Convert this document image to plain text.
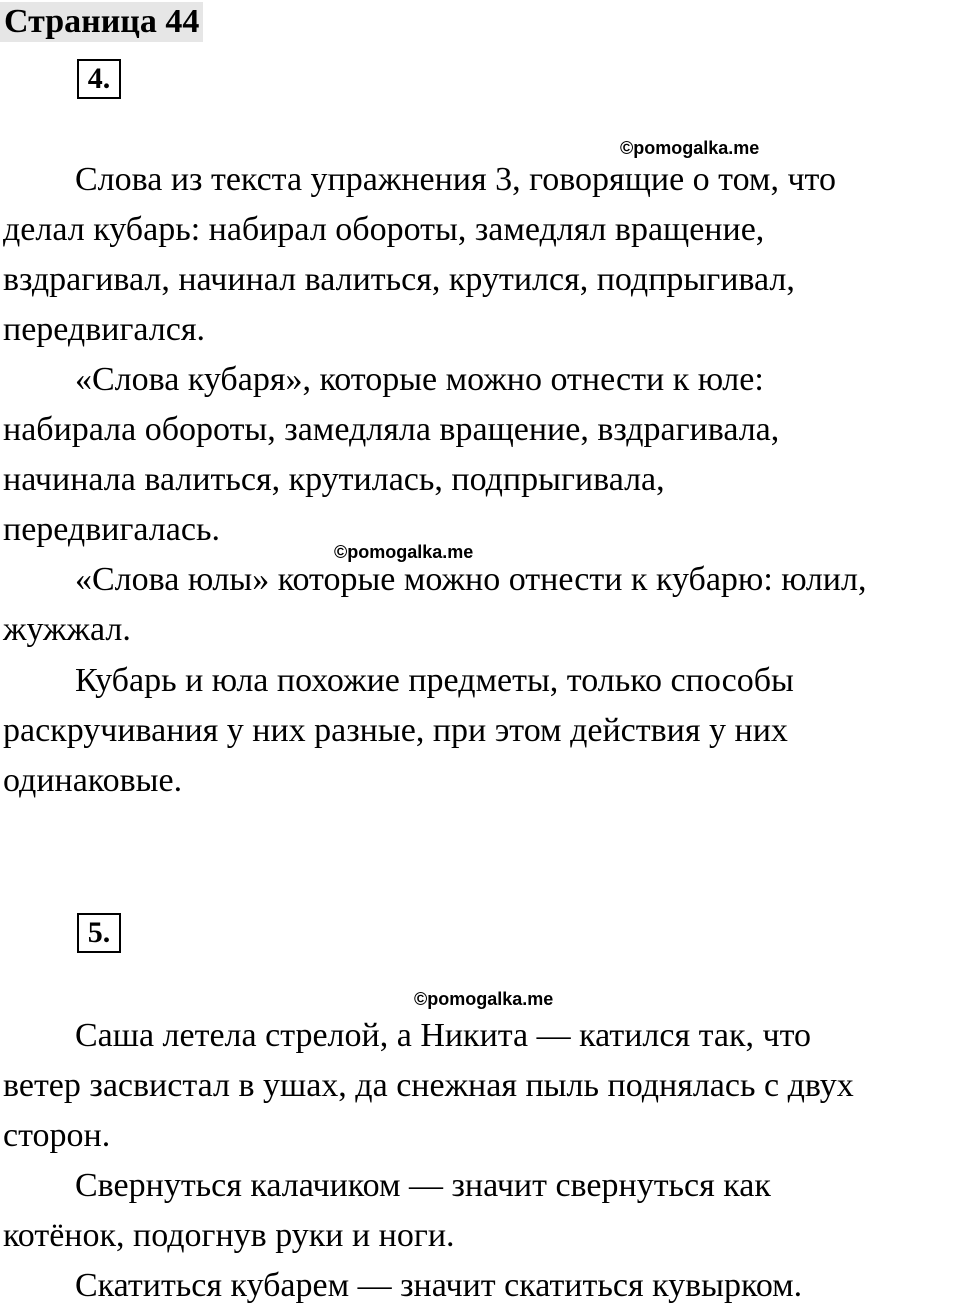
Страница 44
4.
©pomogalka.me

Слова из текста упражнения 3, говорящие о том, что
делал кубарь: набирал обороты, замедлял вращение,
вздрагивал, начинал валиться, крутился, подпрыгивал,
передвигался.

«Слова кубаря», которые можно отнести к юле:
набирала обороты, замедляла вращение, вздрагивала,
начинала валиться, крутилась, подпрыгивала,
передвигалась.

©pomogalka.me

«Слова юлы» которые можно отнести к кубарю: юлил,
жужжал.

Кубарь и юла похожие предметы, только способы
раскручивания у них разные, при этом действия у них
одинаковые.

5.
©pomogalka.me

Саша летела стрелой, а Никита — катился так, что
ветер засвистал в ушах, да снежная пыль поднялась с двух
сторон.

Свернуться калачиком — значит свернуться как
котёнок, подогнув руки и ноги.

Скатиться кубарем — значит скатиться кувырком.
